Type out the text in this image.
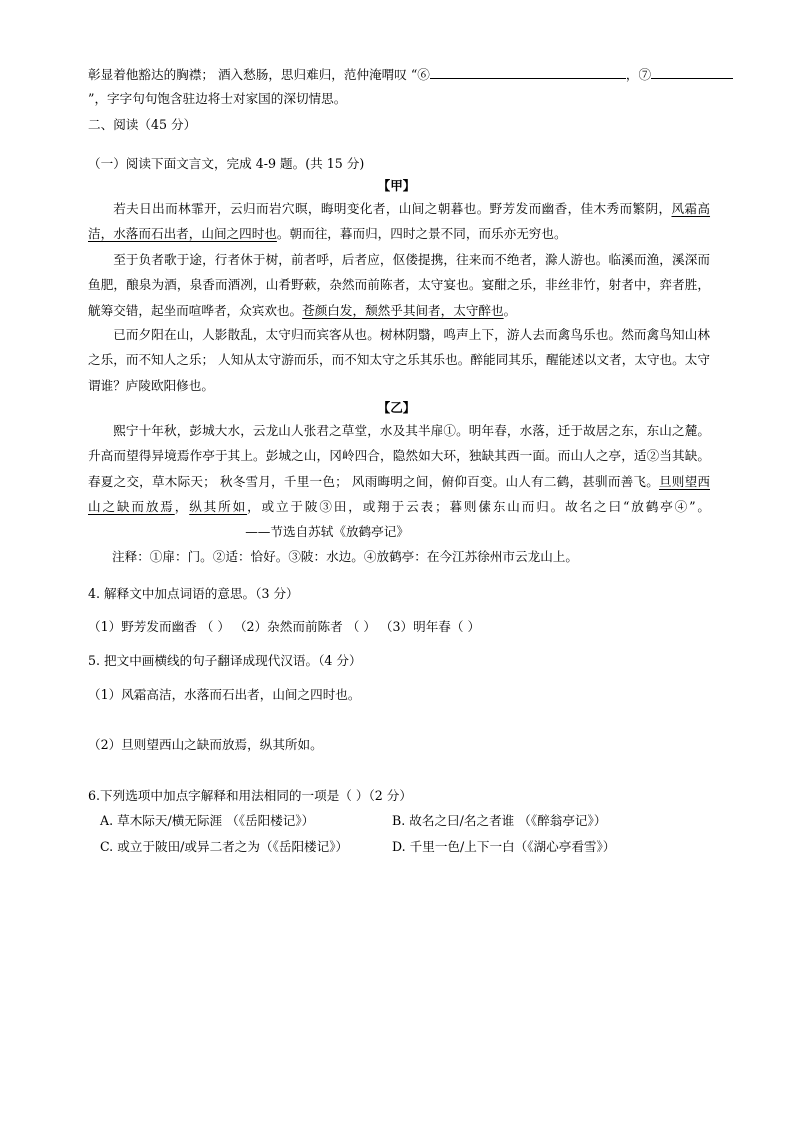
彰显着他豁达的胸襟； 酒入愁肠，思归难归，范仲淹喟叹 “⑥	，⑦
”，字字句句饱含驻边将士对家国的深切情思。
二、阅读（45 分）
（一）阅读下面文言文，完成 4-9 题。(共 15 分)
【甲】

若夫日出而林霏开，云归而岩穴暝，晦明变化者，山间之朝暮也。野芳发而幽香，佳木秀而繁阴，风霜高洁，水落而石出者，山间之四时也。朝而往，暮而归，四时之景不同，而乐亦无穷也。

至于负者歌于途，行者休于树，前者呼，后者应，伛偻提携，往来而不绝者，滁人游也。临溪而渔，溪深而鱼肥，酿泉为酒，泉香而酒冽，山肴野蔌，杂然而前陈者，太守宴也。宴酣之乐，非丝非竹，射者中，弈者胜，觥筹交错，起坐而喧哗者，众宾欢也。苍颜白发，颓然乎其间者，太守醉也。

已而夕阳在山，人影散乱，太守归而宾客从也。树林阴翳，鸣声上下，游人去而禽鸟乐也。然而禽鸟知山林之乐，而不知人之乐； 人知从太守游而乐，而不知太守之乐其乐也。醉能同其乐，醒能述以文者，太守也。太守谓谁？庐陵欧阳修也。

【乙】

熙宁十年秋，彭城大水，云龙山人张君之草堂，水及其半扉①。明年春，水落，迁于故居之东，东山之麓。升高而望得异境焉作亭于其上。彭城之山，冈岭四合，隐然如大环，独缺其西一面。而山人之亭，适②当其缺。春夏之交，草木际天； 秋冬雪月，千里一色； 风雨晦明之间，俯仰百变。山人有二鹤，甚驯而善飞。旦则望西山之缺而放焉，纵其所如，或立于陂③田，或翔于云表；暮则傃东山而归。故名之曰“放鹤亭④”。——节选自苏轼《放鹤亭记》

注释：①扉：门。②适：恰好。③陂：水边。④放鹤亭：在今江苏徐州市云龙山上。
4. 解释文中加点词语的意思。（3 分）
（1）野芳发而幽香 （ ） （2）杂然而前陈者 （ ） （3）明年春（ ）
5. 把文中画横线的句子翻译成现代汉语。（4 分）
（1）风霜高洁，水落而石出者，山间之四时也。
（2）旦则望西山之缺而放焉，纵其所如。
6.下列选项中加点字解释和用法相同的一项是（ ）（2 分）
A. 草木际天/横无际涯 （《岳阳楼记》）	B. 故名之曰/名之者谁 （《醉翁亭记》）
C. 或立于陂田/或异二者之为（《岳阳楼记》）	D. 千里一色/上下一白（《湖心亭看雪》）
